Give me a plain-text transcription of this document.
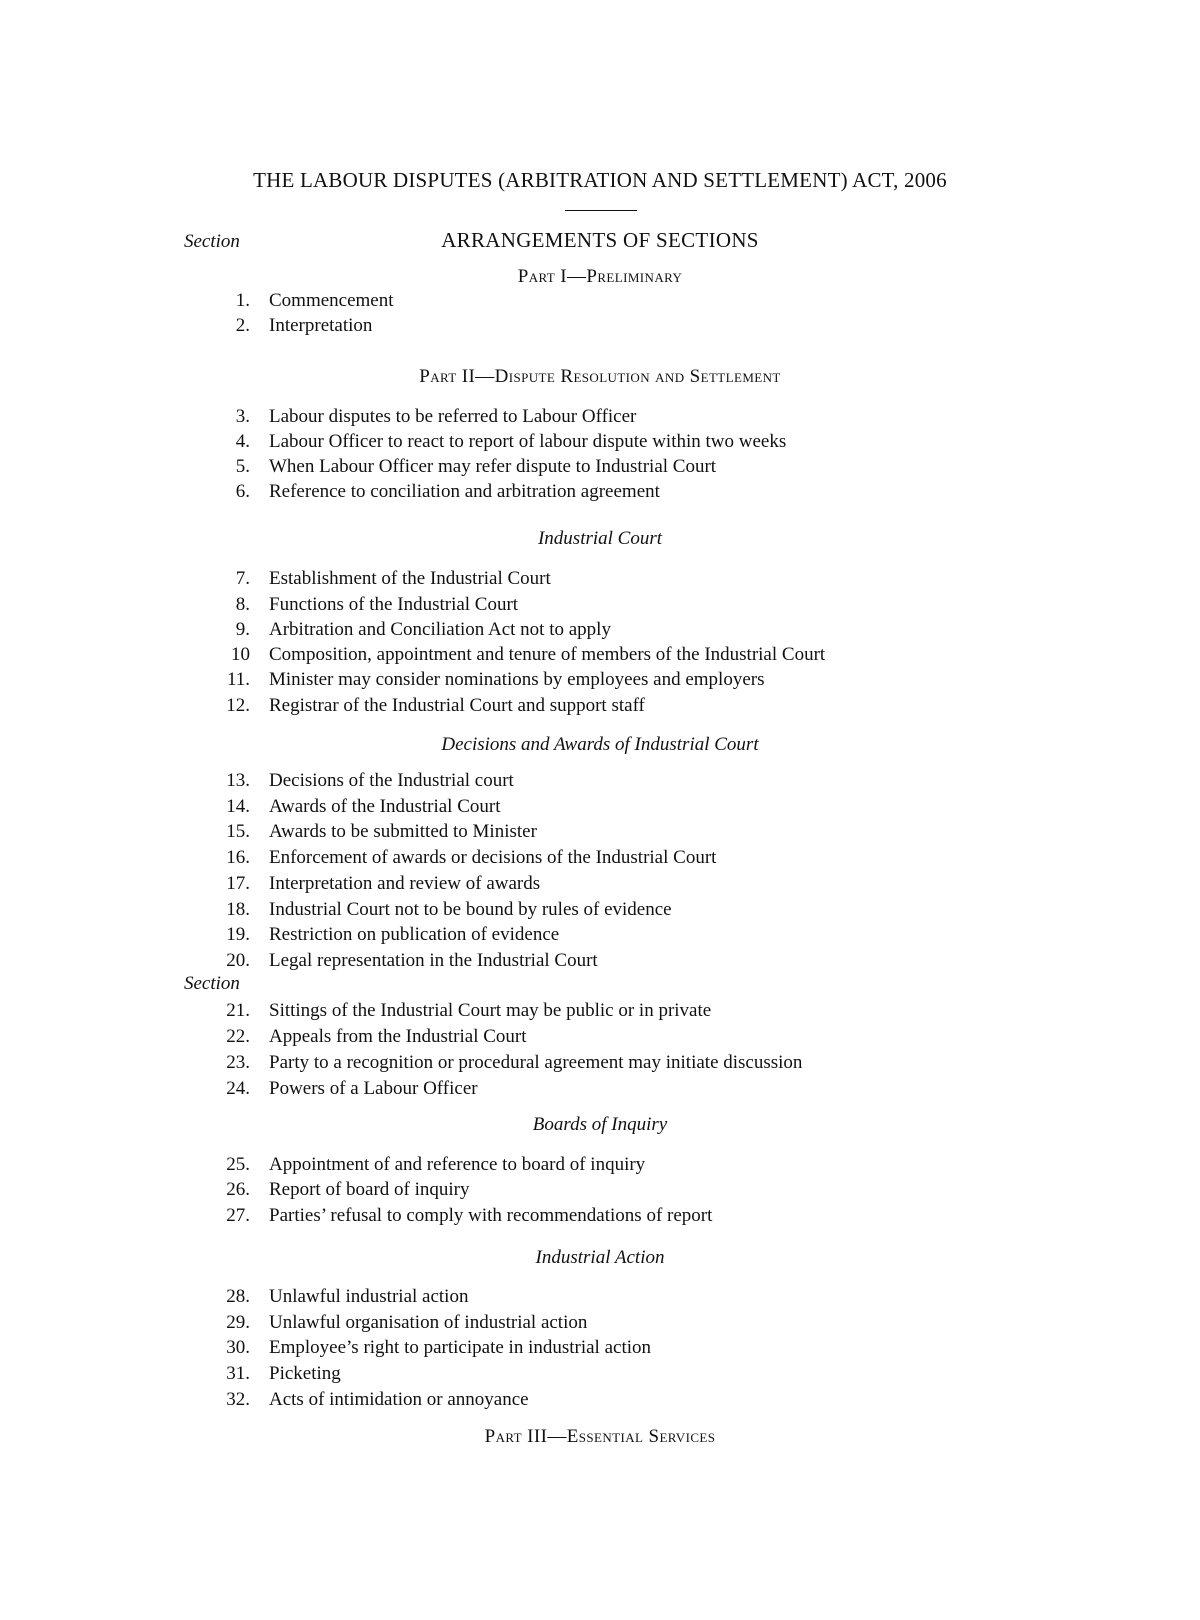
THE LABOUR DISPUTES (ARBITRATION AND SETTLEMENT) ACT, 2006
Section	ARRANGEMENTS OF SECTIONS
Part I—Preliminary
1. Commencement
2. Interpretation
Part II—Dispute Resolution and Settlement
3. Labour disputes to be referred to Labour Officer
4. Labour Officer to react to report of labour dispute within two weeks
5. When Labour Officer may refer dispute to Industrial Court
6. Reference to conciliation and arbitration agreement
Industrial Court
7. Establishment of the Industrial Court
8. Functions of the Industrial Court
9. Arbitration and Conciliation Act not to apply
10 Composition, appointment and tenure of members of the Industrial Court
11. Minister may consider nominations by employees and employers
12. Registrar of the Industrial Court and support staff
Decisions and Awards of Industrial Court
13. Decisions of the Industrial court
14. Awards of the Industrial Court
15. Awards to be submitted to Minister
16. Enforcement of awards or decisions of the Industrial Court
17. Interpretation and review of awards
18. Industrial Court not to be bound by rules of evidence
19. Restriction on publication of evidence
20. Legal representation in the Industrial Court
Section
21. Sittings of the Industrial Court may be public or in private
22. Appeals from the Industrial Court
23. Party to a recognition or procedural agreement may initiate discussion
24. Powers of a Labour Officer
Boards of Inquiry
25. Appointment of and reference to board of inquiry
26. Report of board of inquiry
27. Parties’ refusal to comply with recommendations of report
Industrial Action
28. Unlawful industrial action
29. Unlawful organisation of industrial action
30. Employee’s right to participate in industrial action
31. Picketing
32. Acts of intimidation or annoyance
Part III—Essential Services
